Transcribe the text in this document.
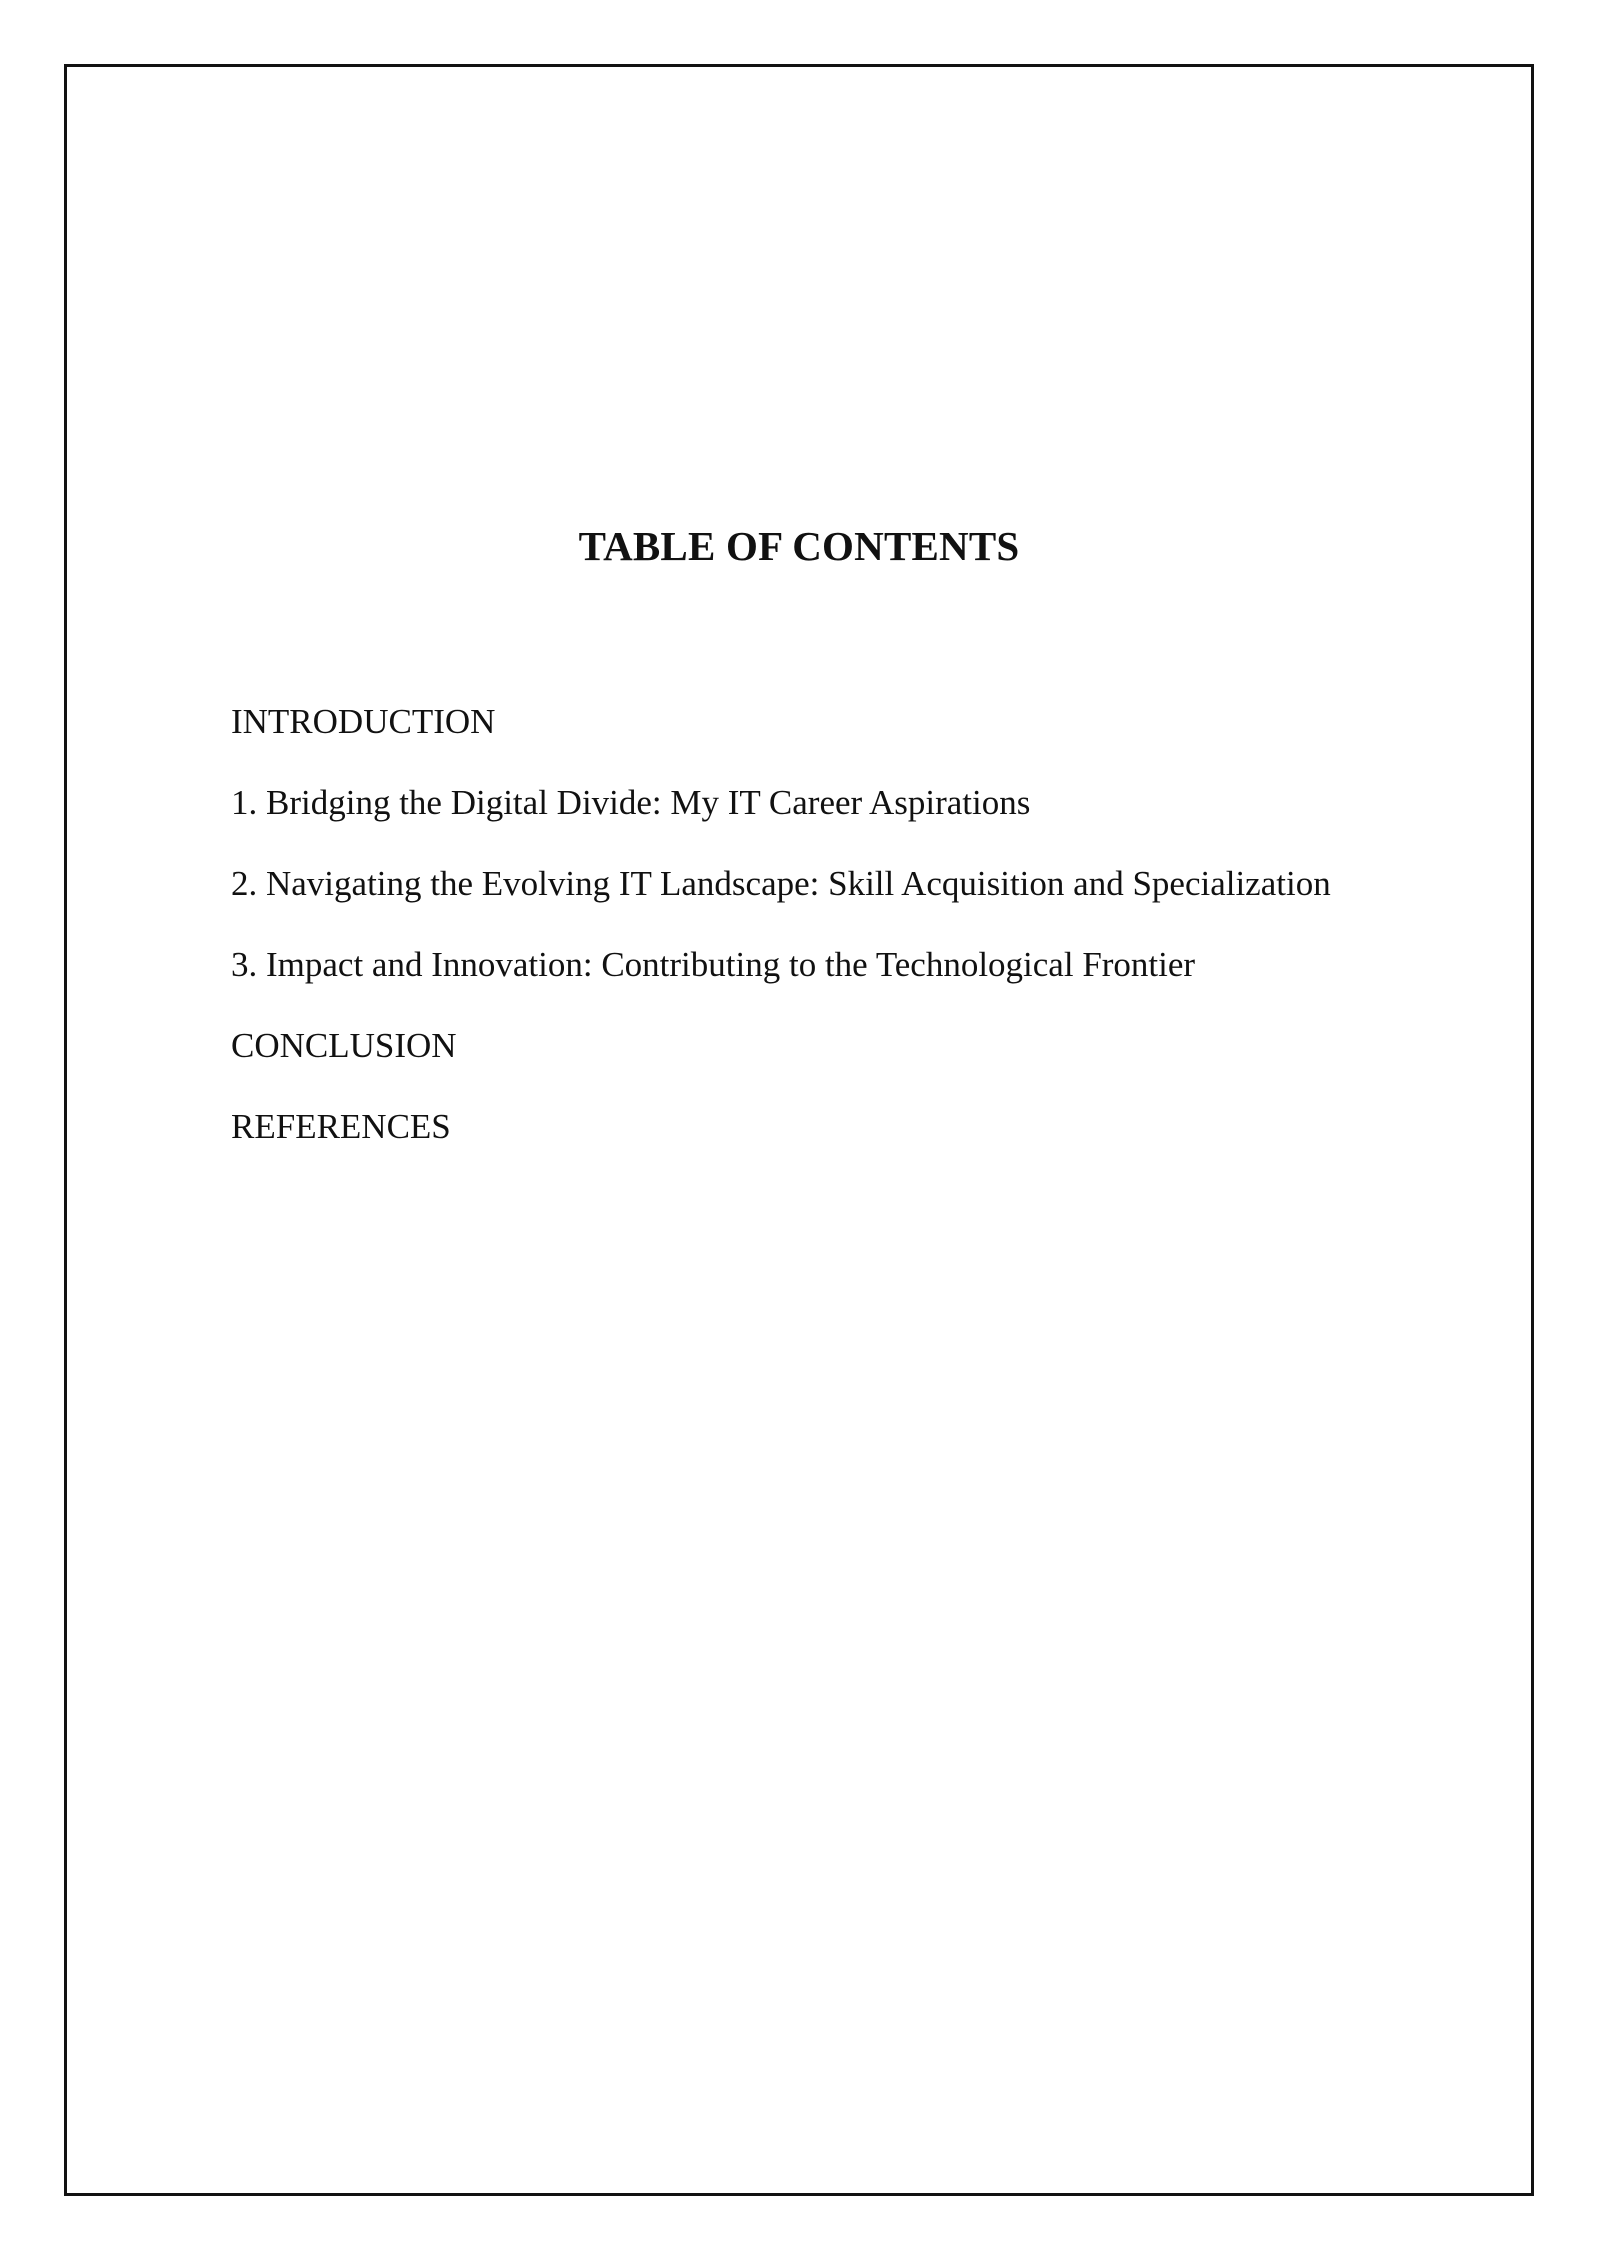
TABLE OF CONTENTS
INTRODUCTION
1. Bridging the Digital Divide: My IT Career Aspirations
2. Navigating the Evolving IT Landscape: Skill Acquisition and Specialization
3. Impact and Innovation: Contributing to the Technological Frontier
CONCLUSION
REFERENCES
